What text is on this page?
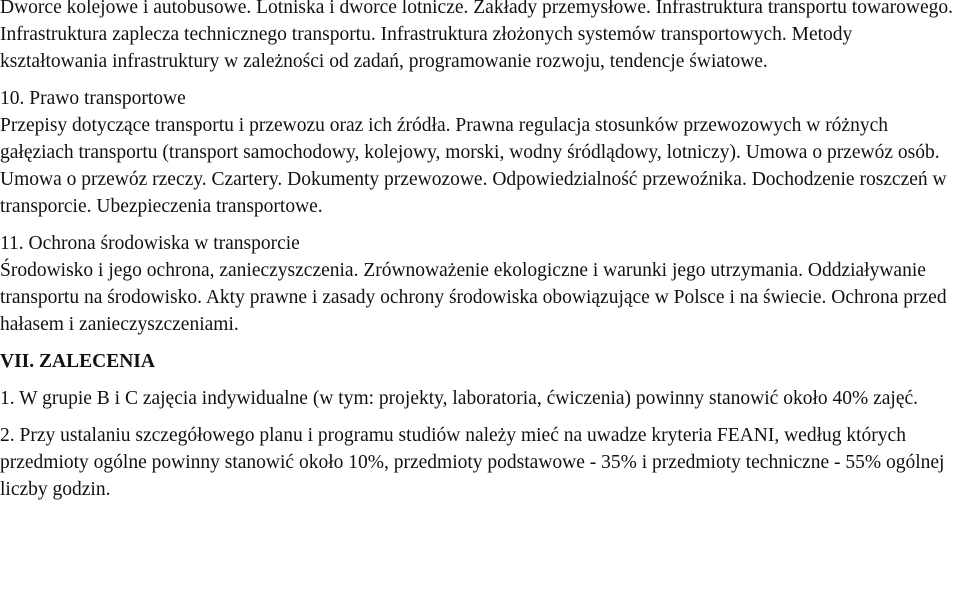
Dworce kolejowe i autobusowe. Lotniska i dworce lotnicze. Zakłady przemysłowe. Infrastruktura transportu towarowego. Infrastruktura zaplecza technicznego transportu. Infrastruktura złożonych systemów transportowych. Metody kształtowania infrastruktury w zależności od zadań, programowanie rozwoju, tendencje światowe.

10. Prawo transportowe

Przepisy dotyczące transportu i przewozu oraz ich źródła. Prawna regulacja stosunków przewozowych w różnych gałęziach transportu (transport samochodowy, kolejowy, morski, wodny śródlądowy, lotniczy). Umowa o przewóz osób. Umowa o przewóz rzeczy. Czartery. Dokumenty przewozowe. Odpowiedzialność przewoźnika. Dochodzenie roszczeń w transporcie. Ubezpieczenia transportowe.

11. Ochrona środowiska w transporcie

Środowisko i jego ochrona, zanieczyszczenia. Zrównoważenie ekologiczne i warunki jego utrzymania. Oddziaływanie transportu na środowisko. Akty prawne i zasady ochrony środowiska obowiązujące w Polsce i na świecie. Ochrona przed hałasem i zanieczyszczeniami.

VII. ZALECENIA

1. W grupie B i C zajęcia indywidualne (w tym: projekty, laboratoria, ćwiczenia) powinny stanowić około 40% zajęć.

2. Przy ustalaniu szczegółowego planu i programu studiów należy mieć na uwadze kryteria FEANI, według których przedmioty ogólne powinny stanowić około 10%, przedmioty podstawowe - 35% i przedmioty techniczne - 55% ogólnej liczby godzin.
